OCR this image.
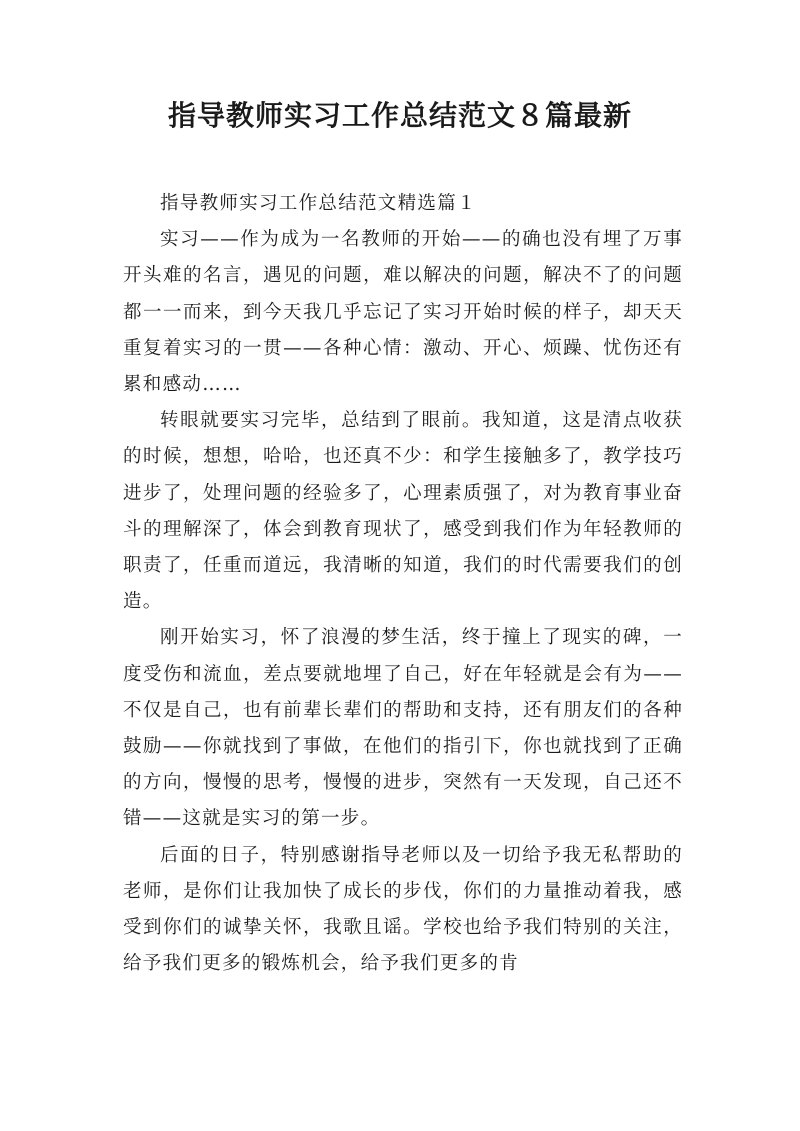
指导教师实习工作总结范文８篇最新

指导教师实习工作总结范文精选篇１

实习——作为成为一名教师的开始——的确也没有埋了万事开头难的名言，遇见的问题，难以解决的问题，解决不了的问题都一一而来，到今天我几乎忘记了实习开始时候的样子，却天天重复着实习的一贯——各种心情：激动、开心、烦躁、忧伤还有累和感动……

转眼就要实习完毕，总结到了眼前。我知道，这是清点收获的时候，想想，哈哈，也还真不少：和学生接触多了，教学技巧进步了，处理问题的经验多了，心理素质强了，对为教育事业奋斗的理解深了，体会到教育现状了，感受到我们作为年轻教师的职责了，任重而道远，我清晰的知道，我们的时代需要我们的创造。

刚开始实习，怀了浪漫的梦生活，终于撞上了现实的碑，一度受伤和流血，差点要就地埋了自己，好在年轻就是会有为——不仅是自己，也有前辈长辈们的帮助和支持，还有朋友们的各种鼓励——你就找到了事做，在他们的指引下，你也就找到了正确的方向，慢慢的思考，慢慢的进步，突然有一天发现，自己还不错——这就是实习的第一步。

后面的日子，特别感谢指导老师以及一切给予我无私帮助的老师，是你们让我加快了成长的步伐，你们的力量推动着我，感受到你们的诚挚关怀，我歌且谣。学校也给予我们特别的关注，给予我们更多的锻炼机会，给予我们更多的肯
